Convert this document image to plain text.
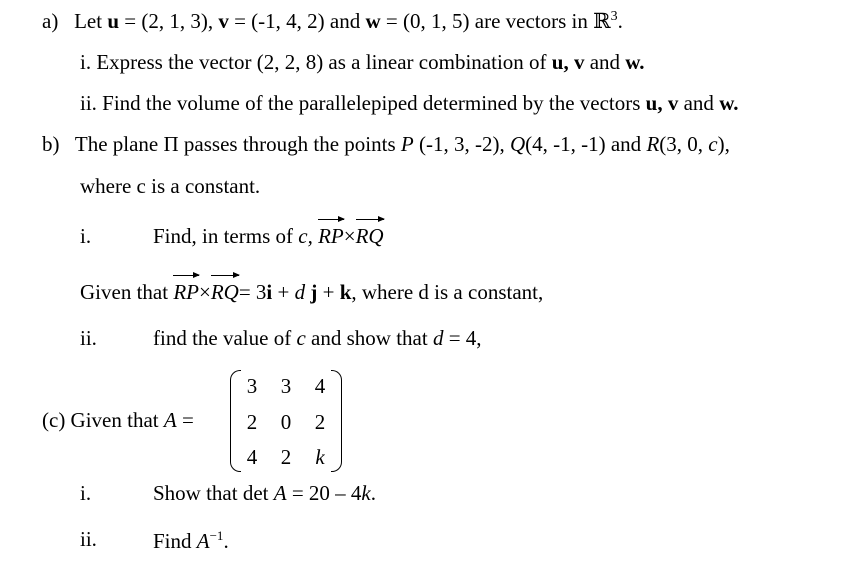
a) Let u = (2, 1, 3), v = (-1, 4, 2) and w = (0, 1, 5) are vectors in ℝ$^3$.
i. Express the vector (2, 2, 8) as a linear combination of u, v and w.
ii. Find the volume of the parallelepiped determined by the vectors u, v and w.
b) The plane Π passes through the points P (-1, 3, -2), Q(4, -1, -1) and R(3, 0, c),
where c is a constant.
i.	Find, in terms of c, RP×
RQ
Given that RP×
RQ= 3i + d j + k, where d is a constant,
ii.	find the value of c and show that d = 4,
(c) Given that A =
3 3 4
2 0 2
4 2	k
i.	Show that det A = 20 – 4k.
ii.	Find $A^{-1}$.
